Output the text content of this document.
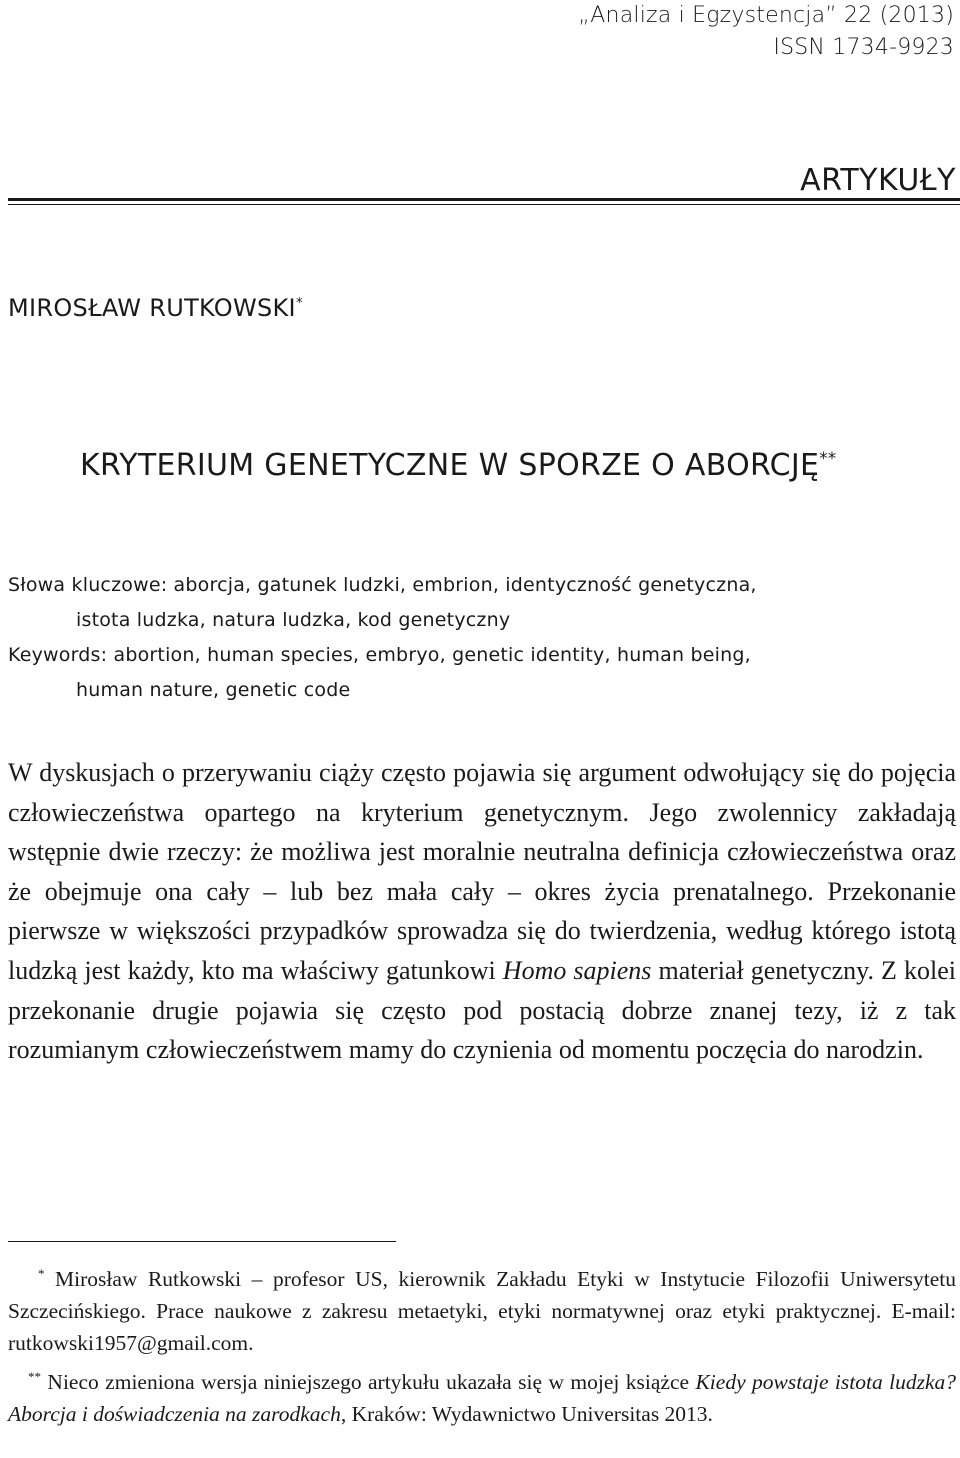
„Analiza i Egzystencja” 22 (2013)
ISSN 1734-9923
ARTYKUŁY
MIROSŁAW RUTKOWSKI*
KRYTERIUM GENETYCZNE W SPORZE O ABORCJĘ**
Słowa kluczowe: aborcja, gatunek ludzki, embrion, identyczność genetyczna,
istota ludzka, natura ludzka, kod genetyczny
Keywords: abortion, human species, embryo, genetic identity, human being,
human nature, genetic code
W dyskusjach o przerywaniu ciąży często pojawia się argument odwołujący się do pojęcia człowieczeństwa opartego na kryterium genetycznym. Jego zwolennicy zakładają wstępnie dwie rzeczy: że możliwa jest moralnie neutralna definicja człowieczeństwa oraz że obejmuje ona cały – lub bez mała cały – okres życia prenatalnego. Przekonanie pierwsze w większości przypadków sprowadza się do twierdzenia, według którego istotą ludzką jest każdy, kto ma właściwy gatunkowi Homo sapiens materiał genetyczny. Z kolei przekonanie drugie pojawia się często pod postacią dobrze znanej tezy, iż z tak rozumianym człowieczeństwem mamy do czynienia od momentu poczęcia do narodzin.
* Mirosław Rutkowski – profesor US, kierownik Zakładu Etyki w Instytucie Filozofii Uniwersytetu Szczecińskiego. Prace naukowe z zakresu metaetyki, etyki normatywnej oraz etyki praktycznej. E-mail: rutkowski1957@gmail.com.
** Nieco zmieniona wersja niniejszego artykułu ukazała się w mojej książce Kiedy powstaje istota ludzka? Aborcja i doświadczenia na zarodkach, Kraków: Wydawnictwo Universitas 2013.
